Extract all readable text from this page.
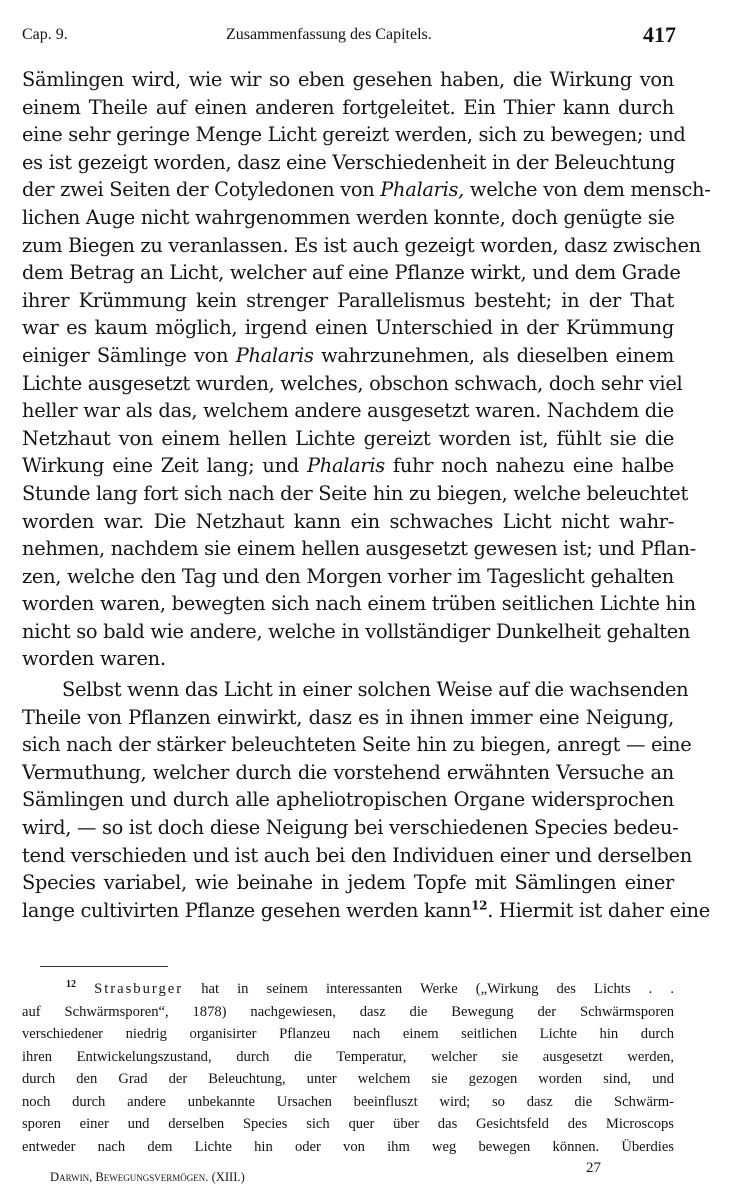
Cap. 9.	Zusammenfassung des Capitels.	417
Sämlingen wird, wie wir so eben gesehen haben, die Wirkung von
einem Theile auf einen anderen fortgeleitet. Ein Thier kann durch
eine sehr geringe Menge Licht gereizt werden, sich zu bewegen; und
es ist gezeigt worden, dasz eine Verschiedenheit in der Beleuchtung
der zwei Seiten der Cotyledonen von Phalaris, welche von dem mensch-
lichen Auge nicht wahrgenommen werden konnte, doch genügte sie
zum Biegen zu veranlassen. Es ist auch gezeigt worden, dasz zwischen
dem Betrag an Licht, welcher auf eine Pflanze wirkt, und dem Grade
ihrer Krümmung kein strenger Parallelismus besteht; in der That
war es kaum möglich, irgend einen Unterschied in der Krümmung
einiger Sämlinge von Phalaris wahrzunehmen, als dieselben einem
Lichte ausgesetzt wurden, welches, obschon schwach, doch sehr viel
heller war als das, welchem andere ausgesetzt waren. Nachdem die
Netzhaut von einem hellen Lichte gereizt worden ist, fühlt sie die
Wirkung eine Zeit lang; und Phalaris fuhr noch nahezu eine halbe
Stunde lang fort sich nach der Seite hin zu biegen, welche beleuchtet
worden war. Die Netzhaut kann ein schwaches Licht nicht wahr-
nehmen, nachdem sie einem hellen ausgesetzt gewesen ist; und Pflan-
zen, welche den Tag und den Morgen vorher im Tageslicht gehalten
worden waren, bewegten sich nach einem trüben seitlichen Lichte hin
nicht so bald wie andere, welche in vollständiger Dunkelheit gehalten
worden waren.
Selbst wenn das Licht in einer solchen Weise auf die wachsenden
Theile von Pflanzen einwirkt, dasz es in ihnen immer eine Neigung,
sich nach der stärker beleuchteten Seite hin zu biegen, anregt — eine
Vermuthung, welcher durch die vorstehend erwähnten Versuche an
Sämlingen und durch alle apheliotropischen Organe widersprochen
wird, — so ist doch diese Neigung bei verschiedenen Species bedeu-
tend verschieden und ist auch bei den Individuen einer und derselben
Species variabel, wie beinahe in jedem Topfe mit Sämlingen einer
lange cultivirten Pflanze gesehen werden kann$^{12}$. Hiermit ist daher eine
$^{12}$ Strasburger hat in seinem interessanten Werke („Wirkung des Lichts . .
auf Schwärmsporen“, 1878) nachgewiesen, dasz die Bewegung der Schwärmsporen
verschiedener niedrig organisirter Pflanzeu nach einem seitlichen Lichte hin durch
ihren Entwickelungszustand, durch die Temperatur, welcher sie ausgesetzt werden,
durch den Grad der Beleuchtung, unter welchem sie gezogen worden sind, und
noch durch andere unbekannte Ursachen beeinfluszt wird; so dasz die Schwärm-
sporen einer und derselben Species sich quer über das Gesichtsfeld des Microscops
entweder nach dem Lichte hin oder von ihm weg bewegen können. Überdies
Darwin, Bewegungsvermögen. (XIII.)
27
